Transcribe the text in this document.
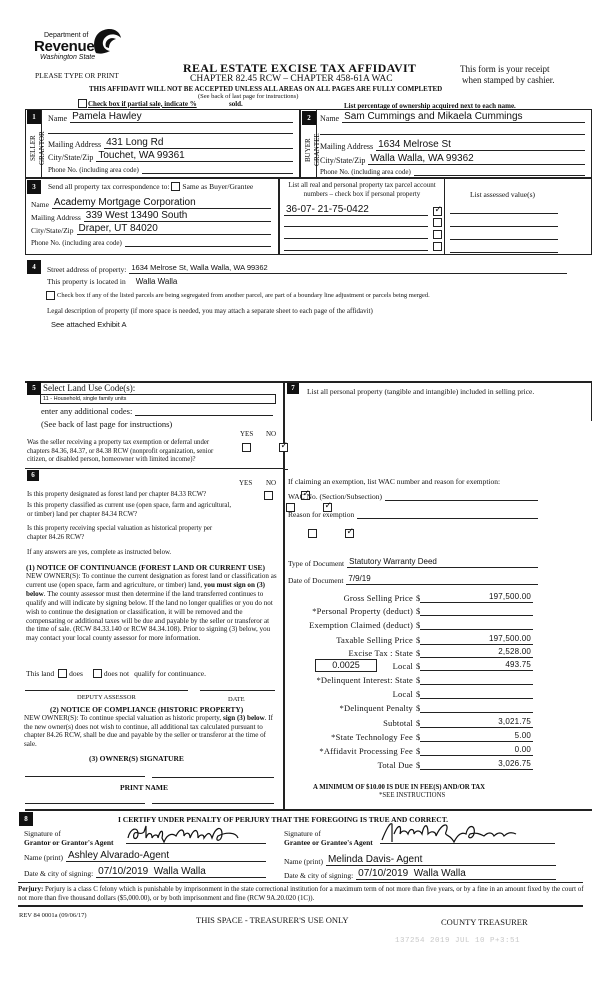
Department of
Revenue
Washington State
PLEASE TYPE OR PRINT
REAL ESTATE EXCISE TAX AFFIDAVIT
CHAPTER 82.45 RCW – CHAPTER 458-61A WAC
THIS AFFIDAVIT WILL NOT BE ACCEPTED UNLESS ALL AREAS ON ALL PAGES ARE FULLY COMPLETED
(See back of last page for instructions)
This form is your receipt
when stamped by cashier.
Check box if partial sale, indicate %	sold.	List percentage of ownership acquired next to each name.
1
SELLER GRANTOR
Name Pamela Hawley
Mailing Address 431 Long Rd
City/State/Zip Touchet, WA 99361
Phone No. (including area code)
2
BUYER GRANTEE
Name Sam Cummings and Mikaela Cummings
Mailing Address 1634 Melrose St
City/State/Zip Walla Walla, WA 99362
Phone No. (including area code)
3	Send all property tax correspondence to: Same as Buyer/Grantee
Name Academy Mortgage Corporation
Mailing Address 339 West 13490 South
City/State/Zip Draper, UT 84020
Phone No. (including area code)
List all real and personal property tax parcel account
numbers – check box if personal property	List assessed value(s)
36-07- 21-75-0422
✓
4	Street address of property: 1634 Melrose St, Walla Walla, WA 99362
This property is located in Walla Walla
Check box if any of the listed parcels are being segregated from another parcel, are part of a boundary line adjustment or parcels being merged.
Legal description of property (if more space is needed, you may attach a separate sheet to each page of the affidavit)
See attached Exhibit A
5 Select Land Use Code(s):
11 - Household, single family units
enter any additional codes:
(See back of last page for instructions)
YES NO
Was the seller receiving a property tax exemption or deferral under chapters 84.36, 84.37, or 84.38 RCW (nonprofit organization, senior citizen, or disabled person, homeowner with limited income)?
✓
6
YES NO
Is this property designated as forest land per chapter 84.33 RCW?
✓
Is this property classified as current use (open space, farm and agricultural, or timber) land per chapter 84.34 RCW?
✓
Is this property receiving special valuation as historical property per chapter 84.26 RCW?
✓
If any answers are yes, complete as instructed below.
(1) NOTICE OF CONTINUANCE (FOREST LAND OR CURRENT USE)
NEW OWNER(S): To continue the current designation as forest land or classification as current use (open space, farm and agriculture, or timber) land, you must sign on (3) below. The county assessor must then determine if the land transferred continues to qualify and will indicate by signing below. If the land no longer qualifies or you do not wish to continue the designation or classification, it will be removed and the compensating or additional taxes will be due and payable by the seller or transferor at the time of sale. (RCW 84.33.140 or RCW 84.34.108). Prior to signing (3) below, you may contact your local county assessor for more information.
This land does	does not qualify for continuance.
DEPUTY ASSESSOR	DATE
(2) NOTICE OF COMPLIANCE (HISTORIC PROPERTY)
NEW OWNER(S): To continue special valuation as historic property, sign (3) below. If the new owner(s) does not wish to continue, all additional tax calculated pursuant to chapter 84.26 RCW, shall be due and payable by the seller or transferor at the time of sale.
(3) OWNER(S) SIGNATURE
PRINT NAME
7	List all personal property (tangible and intangible) included in selling price.
If claiming an exemption, list WAC number and reason for exemption:
WAC No. (Section/Subsection)
Reason for exemption
Type of Document Statutory Warranty Deed
Date of Document 7/9/19
Gross Selling Price $	197,500.00
*Personal Property (deduct) $
Exemption Claimed (deduct) $
Taxable Selling Price $	197,500.00
Excise Tax : State $	2,528.00
0.0025	Local $	493.75
*Delinquent Interest: State $
Local $
*Delinquent Penalty $
Subtotal $	3,021.75
*State Technology Fee $	5.00
*Affidavit Processing Fee $	0.00
Total Due $	3,026.75
A MINIMUM OF $10.00 IS DUE IN FEE(S) AND/OR TAX
*SEE INSTRUCTIONS
8	I CERTIFY UNDER PENALTY OF PERJURY THAT THE FOREGOING IS TRUE AND CORRECT.
Signature of
Grantor or Grantor's Agent
Name (print) Ashley Alvarado-Agent
Date & city of signing: 07/10/2019  Walla Walla
Signature of
Grantee or Grantee's Agent
Name (print) Melinda Davis- Agent
Date & city of signing: 07/10/2019  Walla Walla
Perjury: Perjury is a class C felony which is punishable by imprisonment in the state correctional institution for a maximum term of not more than five years, or by a fine in an amount fixed by the court of not more than five thousand dollars ($5,000.00), or by both imprisonment and fine (RCW 9A.20.020 (1C)).
REV 84 0001a (09/06/17)	THIS SPACE - TREASURER'S USE ONLY	COUNTY TREASURER
137254 2019 JUL 10 P+3:51
